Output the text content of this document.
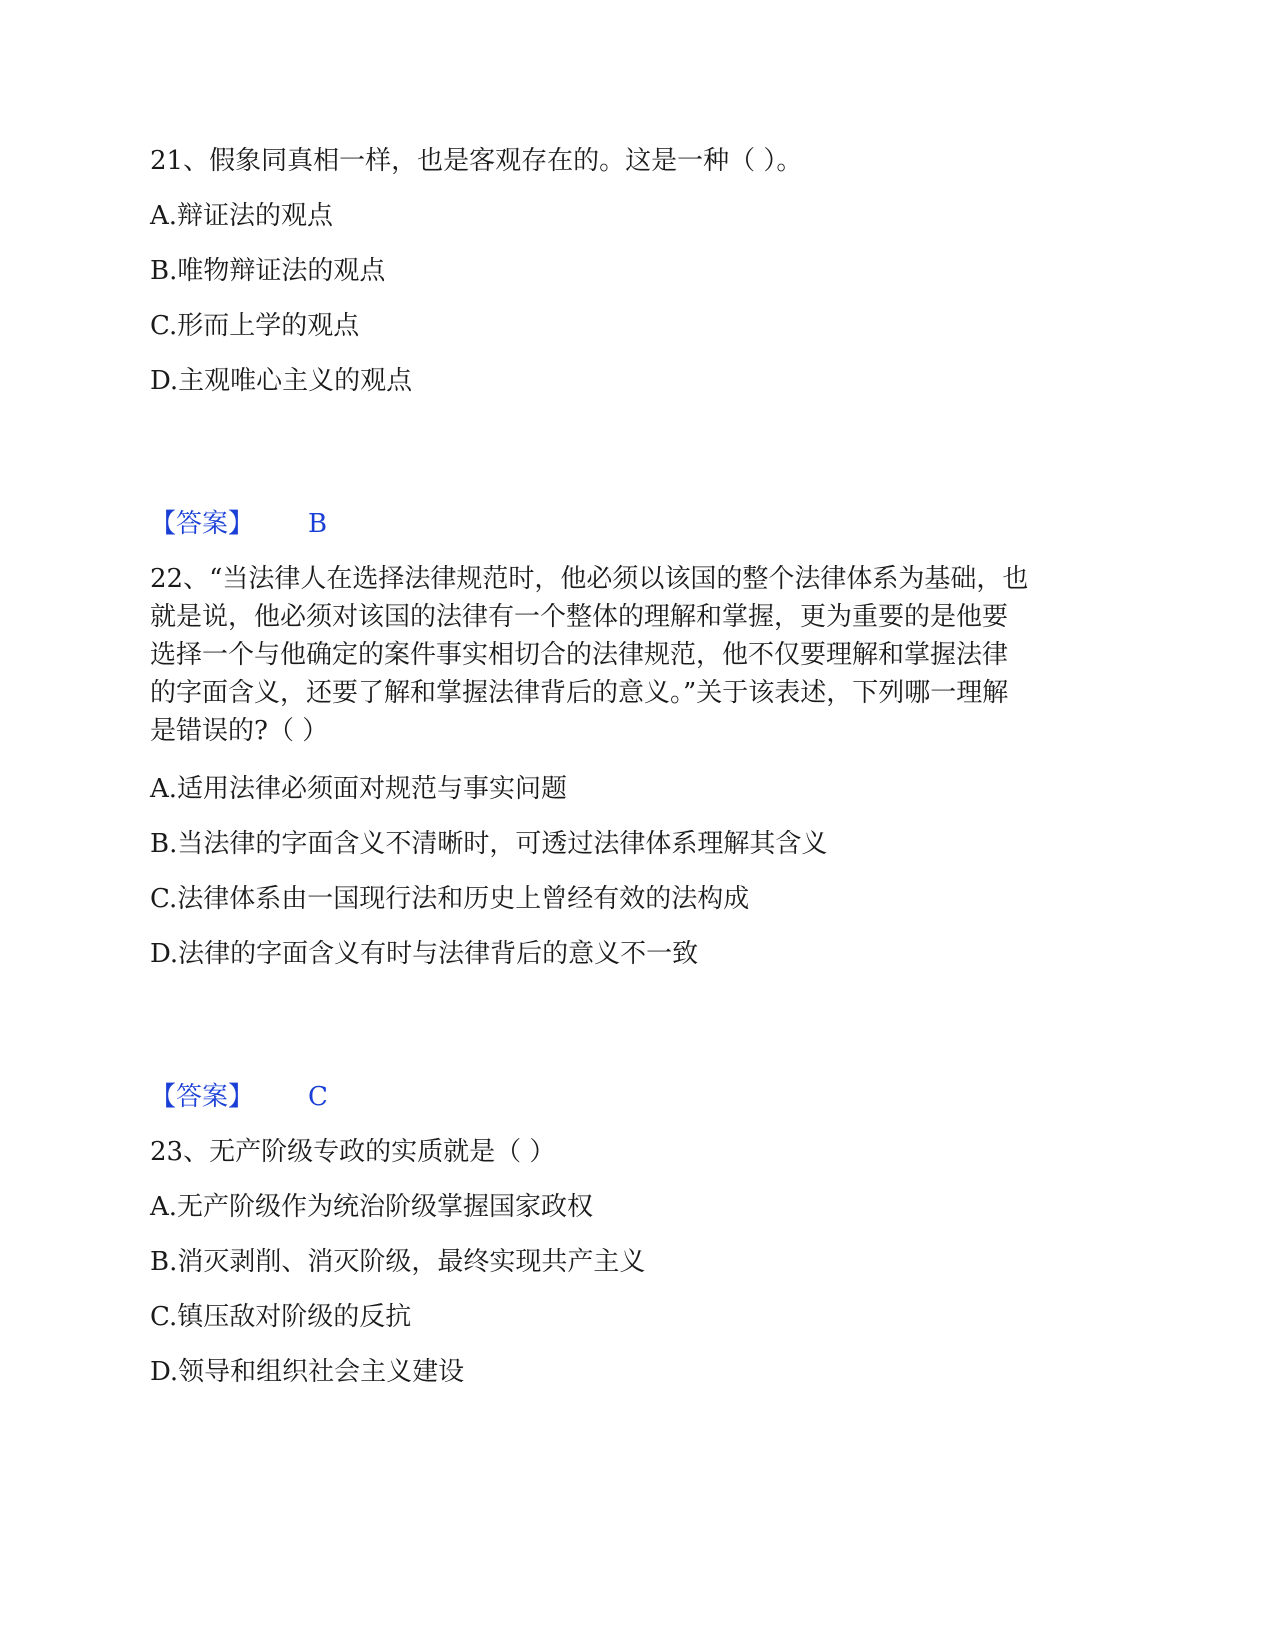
21、假象同真相一样，也是客观存在的。这是一种（ ）。
A.辩证法的观点
B.唯物辩证法的观点
C.形而上学的观点
D.主观唯心主义的观点
【答案】 B
22、“当法律人在选择法律规范时，他必须以该国的整个法律体系为基础，也
就是说，他必须对该国的法律有一个整体的理解和掌握，更为重要的是他要
选择一个与他确定的案件事实相切合的法律规范，他不仅要理解和掌握法律
的字面含义，还要了解和掌握法律背后的意义。”关于该表述，下列哪一理解
是错误的?（ ）
A.适用法律必须面对规范与事实问题
B.当法律的字面含义不清晰时，可透过法律体系理解其含义
C.法律体系由一国现行法和历史上曾经有效的法构成
D.法律的字面含义有时与法律背后的意义不一致
【答案】 C
23、无产阶级专政的实质就是（ ）
A.无产阶级作为统治阶级掌握国家政权
B.消灭剥削、消灭阶级，最终实现共产主义
C.镇压敌对阶级的反抗
D.领导和组织社会主义建设
